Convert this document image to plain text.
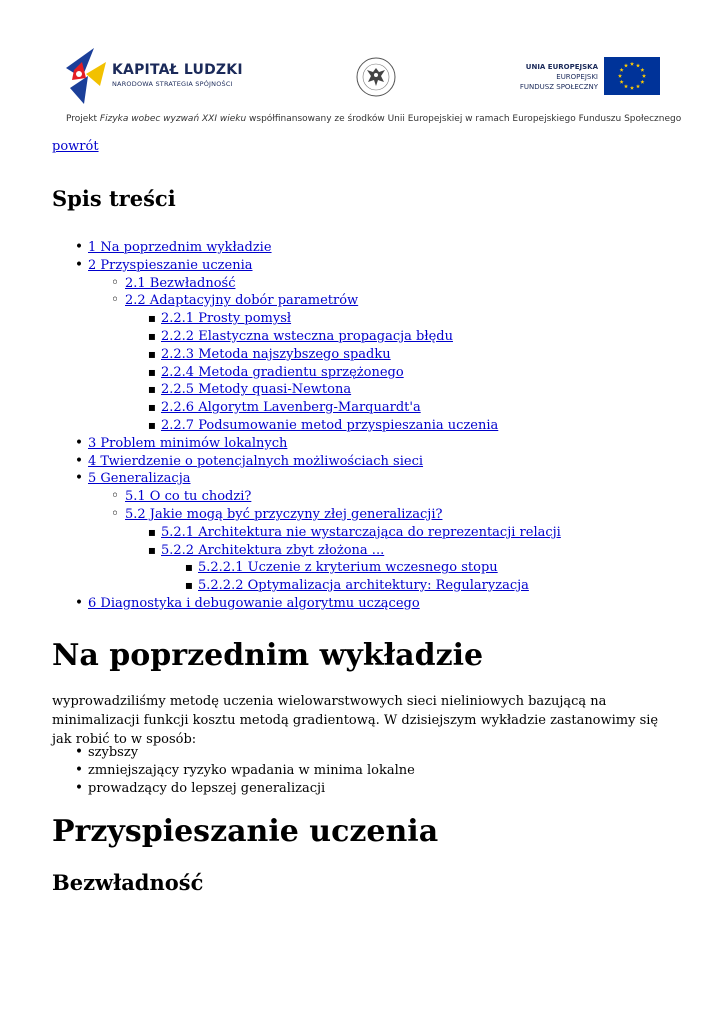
KAPITAŁ LUDZKI
NARODOWA STRATEGIA SPÓJNOŚCI
UNIA EUROPEJSKA
EUROPEJSKI
FUNDUSZ SPOŁECZNY
Projekt Fizyka wobec wyzwań XXI wieku współfinansowany ze środków Unii Europejskiej w ramach Europejskiego Funduszu Społecznego
powrót
Spis treści
•
1 Na poprzednim wykładzie
•
2 Przyspieszanie uczenia
◦
2.1 Bezwładność
◦
2.2 Adaptacyjny dobór parametrów
▪
2.2.1 Prosty pomysł
▪
2.2.2 Elastyczna wsteczna propagacja błędu
▪
2.2.3 Metoda najszybszego spadku
▪
2.2.4 Metoda gradientu sprzężonego
▪
2.2.5 Metody quasi-Newtona
▪
2.2.6 Algorytm Lavenberg-Marquardt'a
▪
2.2.7 Podsumowanie metod przyspieszania uczenia
•
3 Problem minimów lokalnych
•
4 Twierdzenie o potencjalnych możliwościach sieci
•
5 Generalizacja
◦
5.1 O co tu chodzi?
◦
5.2 Jakie mogą być przyczyny złej generalizacji?
▪
5.2.1 Architektura nie wystarczająca do reprezentacji relacji
▪
5.2.2 Architektura zbyt złożona ...
▪
5.2.2.1 Uczenie z kryterium wczesnego stopu
▪
5.2.2.2 Optymalizacja architektury: Regularyzacja
•
6 Diagnostyka i debugowanie algorytmu uczącego
Na poprzednim wykładzie

wyprowadziliśmy metodę uczenia wielowarstwowych sieci nieliniowych bazującą na minimalizacji funkcji kosztu metodą gradientową. W dzisiejszym wykładzie zastanowimy się jak robić to w sposób:

•
szybszy
•
zmniejszający ryzyko wpadania w minima lokalne
•
prowadzący do lepszej generalizacji
Przyspieszanie uczenia
Bezwładność
